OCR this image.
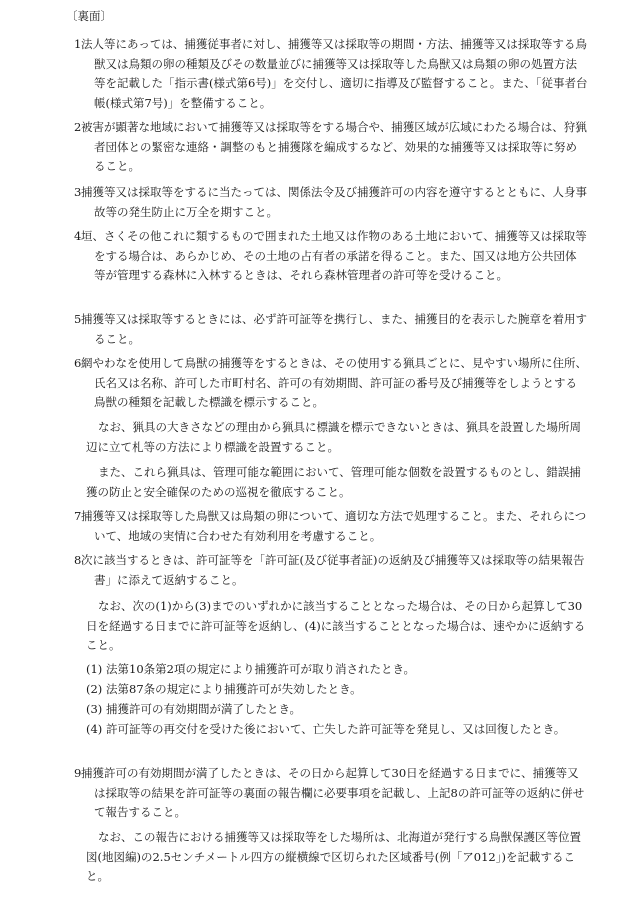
〔裏面〕
1 法人等にあっては、捕獲従事者に対し、捕獲等又は採取等の期間・方法、捕獲等又は採取等する鳥獣又は鳥類の卵の種類及びその数量並びに捕獲等又は採取等した鳥獣又は鳥類の卵の処置方法等を記載した「指示書(様式第6号)」を交付し、適切に指導及び監督すること。また、「従事者台帳(様式第7号)」を整備すること。
2 被害が顕著な地域において捕獲等又は採取等をする場合や、捕獲区域が広域にわたる場合は、狩猟者団体との緊密な連絡・調整のもと捕獲隊を編成するなど、効果的な捕獲等又は採取等に努めること。
3 捕獲等又は採取等をするに当たっては、関係法令及び捕獲許可の内容を遵守するとともに、人身事故等の発生防止に万全を期すこと。
4 垣、さくその他これに類するもので囲まれた土地又は作物のある土地において、捕獲等又は採取等をする場合は、あらかじめ、その土地の占有者の承諾を得ること。また、国又は地方公共団体等が管理する森林に入林するときは、それら森林管理者の許可等を受けること。
5 捕獲等又は採取等するときには、必ず許可証等を携行し、また、捕獲目的を表示した腕章を着用すること。
6 網やわなを使用して鳥獣の捕獲等をするときは、その使用する猟具ごとに、見やすい場所に住所、氏名又は名称、許可した市町村名、許可の有効期間、許可証の番号及び捕獲等をしようとする鳥獣の種類を記載した標識を標示すること。
なお、猟具の大きさなどの理由から猟具に標識を標示できないときは、猟具を設置した場所周辺に立て札等の方法により標識を設置すること。
また、これら猟具は、管理可能な範囲において、管理可能な個数を設置するものとし、錯誤捕獲の防止と安全確保のための巡視を徹底すること。
7 捕獲等又は採取等した鳥獣又は鳥類の卵について、適切な方法で処理すること。また、それらについて、地域の実情に合わせた有効利用を考慮すること。
8 次に該当するときは、許可証等を「許可証(及び従事者証)の返納及び捕獲等又は採取等の結果報告書」に添えて返納すること。
なお、次の(1)から(3)までのいずれかに該当することとなった場合は、その日から起算して30日を経過する日までに許可証等を返納し、(4)に該当することとなった場合は、速やかに返納すること。
(1) 法第10条第2項の規定により捕獲許可が取り消されたとき。
(2) 法第87条の規定により捕獲許可が失効したとき。
(3) 捕獲許可の有効期間が満了したとき。
(4) 許可証等の再交付を受けた後において、亡失した許可証等を発見し、又は回復したとき。
9 捕獲許可の有効期間が満了したときは、その日から起算して30日を経過する日までに、捕獲等又は採取等の結果を許可証等の裏面の報告欄に必要事項を記載し、上記8の許可証等の返納に併せて報告すること。
なお、この報告における捕獲等又は採取等をした場所は、北海道が発行する鳥獣保護区等位置図(地図編)の2.5センチメートル四方の縦横線で区切られた区域番号(例「ア012」)を記載すること。
